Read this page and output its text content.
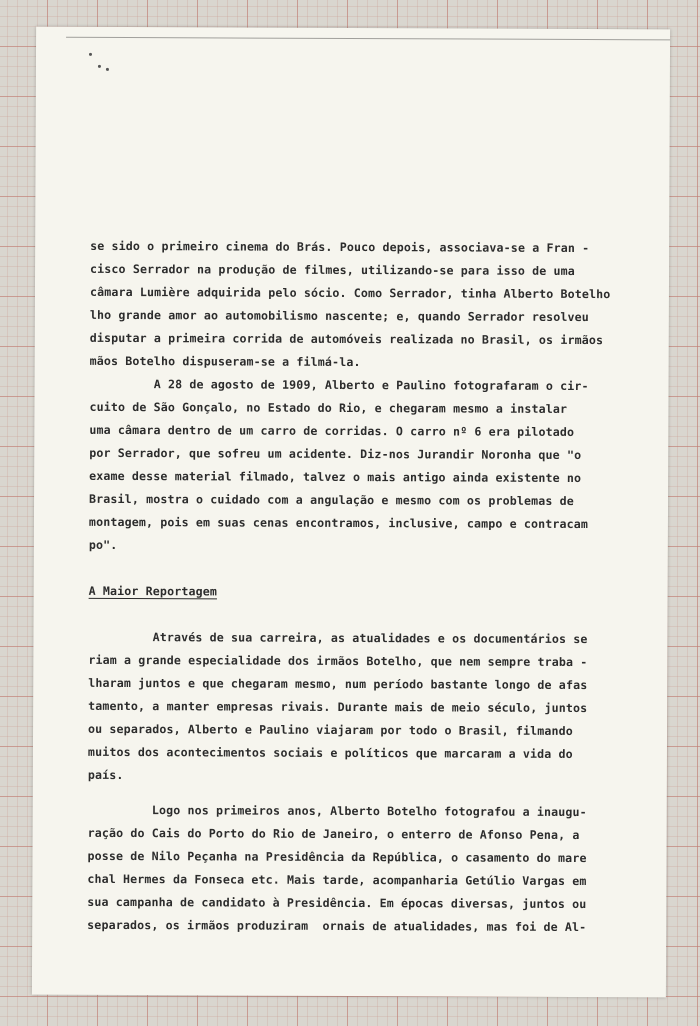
se sido o primeiro cinema do Brás. Pouco depois, associava-se a Fran -
cisco Serrador na produção de filmes, utilizando-se para isso de uma
câmara Lumière adquirida pelo sócio. Como Serrador, tinha Alberto Botelho
lho grande amor ao automobilismo nascente; e, quando Serrador resolveu
disputar a primeira corrida de automóveis realizada no Brasil, os irmãos
mãos Botelho dispuseram-se a filmá-la.
A 28 de agosto de 1909, Alberto e Paulino fotografaram o cir-
cuito de São Gonçalo, no Estado do Rio, e chegaram mesmo a instalar
uma câmara dentro de um carro de corridas. O carro nº 6 era pilotado
por Serrador, que sofreu um acidente. Diz-nos Jurandir Noronha que "o
exame desse material filmado, talvez o mais antigo ainda existente no
Brasil, mostra o cuidado com a angulação e mesmo com os problemas de
montagem, pois em suas cenas encontramos, inclusive, campo e contracam
po".
A Maior Reportagem
Através de sua carreira, as atualidades e os documentários se
riam a grande especialidade dos irmãos Botelho, que nem sempre traba -
lharam juntos e que chegaram mesmo, num período bastante longo de afas
tamento, a manter empresas rivais. Durante mais de meio século, juntos
ou separados, Alberto e Paulino viajaram por todo o Brasil, filmando
muitos dos acontecimentos sociais e políticos que marcaram a vida do
país.
Logo nos primeiros anos, Alberto Botelho fotografou a inaugu-
ração do Cais do Porto do Rio de Janeiro, o enterro de Afonso Pena, a
posse de Nilo Peçanha na Presidência da República, o casamento do mare
chal Hermes da Fonseca etc. Mais tarde, acompanharia Getúlio Vargas em
sua campanha de candidato à Presidência. Em épocas diversas, juntos ou
separados, os irmãos produziram  ornais de atualidades, mas foi de Al-
